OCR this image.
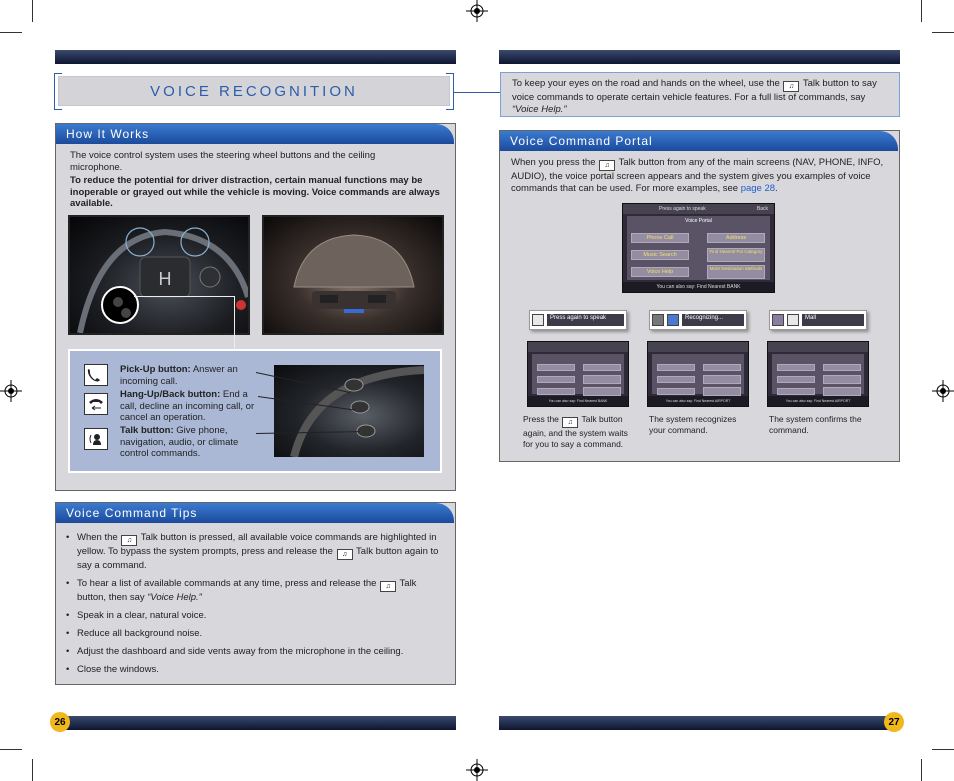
26	27
VOICE RECOGNITION
How It Works
The voice control system uses the steering wheel buttons and the ceiling microphone.
To reduce the potential for driver distraction, certain manual functions may be inoperable or grayed out while the vehicle is moving. Voice commands are always available.
H
Pick-Up button: Answer an incoming call.
Hang-Up/Back button: End a call, decline an incoming call, or cancel an operation.
Talk button: Give phone, navigation, audio, or climate control commands.
Voice Command Tips
• When the ♫ Talk button is pressed, all available voice commands are highlighted in yellow. To bypass the system prompts, press and release the ♫ Talk button again to say a command.
• To hear a list of available commands at any time, press and release the ♫ Talk button, then say “Voice Help.”
• Speak in a clear, natural voice.
• Reduce all background noise.
• Adjust the dashboard and side vents away from the microphone in the ceiling.
• Close the windows.
To keep your eyes on the road and hands on the wheel, use the ♫ Talk button to say voice commands to operate certain vehicle features. For a full list of commands, say “Voice Help.”
Voice Command Portal
When you press the ♫ Talk button from any of the main screens (NAV, PHONE, INFO, AUDIO), the voice portal screen appears and the system gives you examples of voice commands that can be used. For more examples, see page 28.
Press again to speak	Back
Voice Portal
Phone Call	Address
Music Search
Find Nearest Poi Category
Voice Help
More Destination Methods
You can also say: Find Nearest BANK
Press again to speak
You can also say: Find Nearest BANK
Press the ♫ Talk button again, and the system waits for you to say a command.
Recognizing...
You can also say: Find Nearest AIRPORT
The system recognizes your command.
Mall
You can also say: Find Nearest AIRPORT
The system confirms the command.
